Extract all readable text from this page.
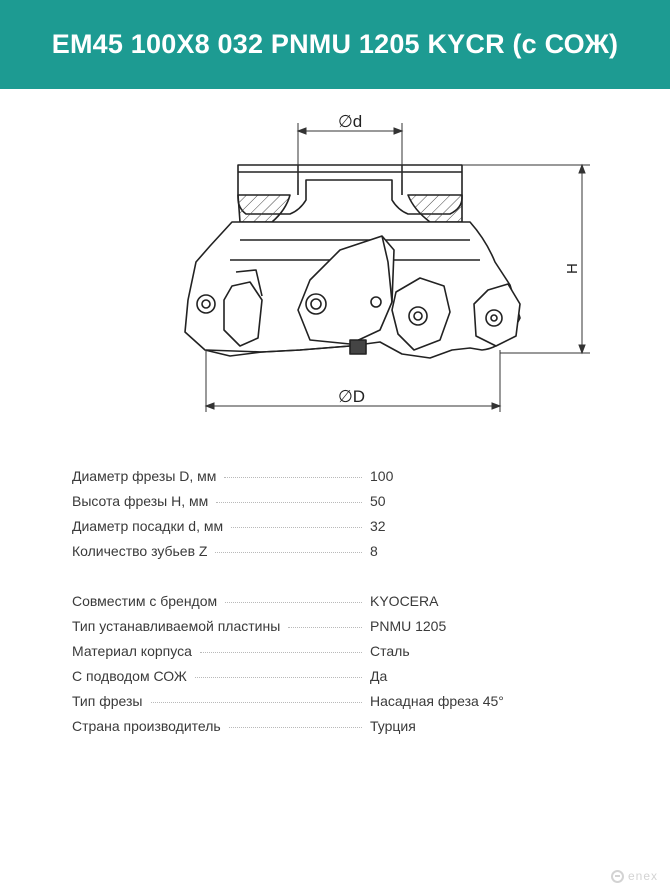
EM45 100X8 032 PNMU 1205 KYCR (с СОЖ)
∅d
H
∅D
Диаметр фрезы D, мм	100
Высота фрезы H, мм	50
Диаметр посадки d, мм	32
Количество зубьев Z	8
Совместим с брендом	KYOCERA
Тип устанавливаемой пластины	PNMU 1205
Материал корпуса	Сталь
С подводом СОЖ	Да
Тип фрезы	Насадная фреза 45°
Страна производитель	Турция
enex
